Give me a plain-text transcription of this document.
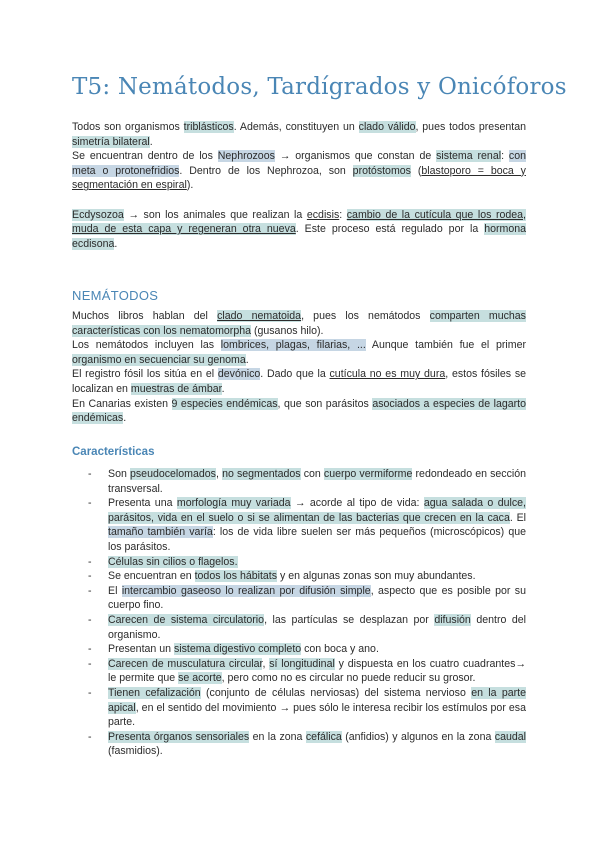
T5: Nemátodos, Tardígrados y Onicóforos

Todos son organismos triblásticos. Además, constituyen un clado válido, pues todos presentan simetría bilateral.

Se encuentran dentro de los Nephrozoos → organismos que constan de sistema renal: con meta o protonefridios. Dentro de los Nephrozoa, son protóstomos (blastoporo = boca y segmentación en espiral).

Ecdysozoa → son los animales que realizan la ecdisis: cambio de la cutícula que los rodea, muda de esta capa y regeneran otra nueva. Este proceso está regulado por la hormona ecdisona.

NEMÁTODOS

Muchos libros hablan del clado nematoida, pues los nemátodos comparten muchas características con los nematomorpha (gusanos hilo).

Los nemátodos incluyen las lombrices, plagas, filarias, ... Aunque también fue el primer organismo en secuenciar su genoma.

El registro fósil los sitúa en el devónico. Dado que la cutícula no es muy dura, estos fósiles se localizan en muestras de ámbar.

En Canarias existen 9 especies endémicas, que son parásitos asociados a especies de lagarto endémicas.

Características
- Son pseudocelomados, no segmentados con cuerpo vermiforme redondeado en sección transversal.
- Presenta una morfología muy variada → acorde al tipo de vida: agua salada o dulce, parásitos, vida en el suelo o si se alimentan de las bacterias que crecen en la caca. El tamaño también varía: los de vida libre suelen ser más pequeños (microscópicos) que los parásitos.
- Células sin cilios o flagelos.
- Se encuentran en todos los hábitats y en algunas zonas son muy abundantes.
- El intercambio gaseoso lo realizan por difusión simple, aspecto que es posible por su cuerpo fino.
- Carecen de sistema circulatorio, las partículas se desplazan por difusión dentro del organismo.
- Presentan un sistema digestivo completo con boca y ano.
- Carecen de musculatura circular, sí longitudinal y dispuesta en los cuatro cuadrantes→ le permite que se acorte, pero como no es circular no puede reducir su grosor.
- Tienen cefalización (conjunto de células nerviosas) del sistema nervioso en la parte apical, en el sentido del movimiento → pues sólo le interesa recibir los estímulos por esa parte.
- Presenta órganos sensoriales en la zona cefálica (anfidios) y algunos en la zona caudal (fasmidios).
